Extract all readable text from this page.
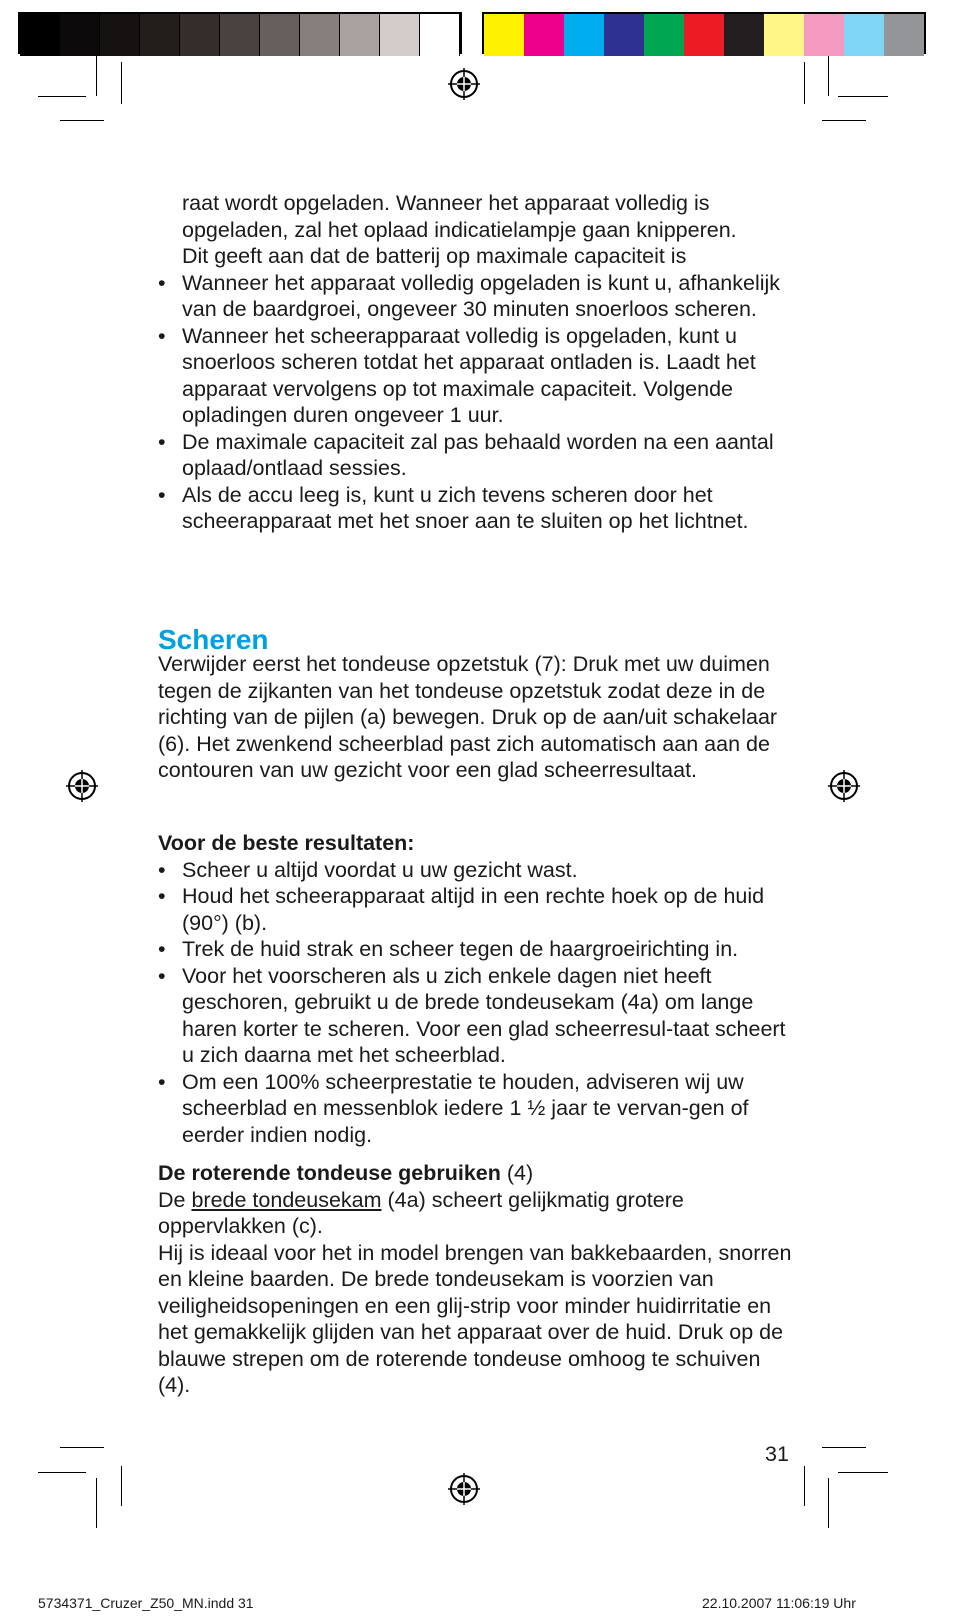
raat wordt opgeladen. Wanneer het apparaat volledig is

opgeladen, zal het oplaad indicatielampje gaan knipperen.

Dit geeft aan dat de batterij op maximale capaciteit is

• Wanneer het apparaat volledig opgeladen is kunt u, afhankelijk van de baardgroei, ongeveer 30 minuten snoerloos scheren.
• Wanneer het scheerapparaat volledig is opgeladen, kunt u snoerloos scheren totdat het apparaat ontladen is. Laadt het apparaat vervolgens op tot maximale capaciteit. Volgende opladingen duren ongeveer 1 uur.
• De maximale capaciteit zal pas behaald worden na een aantal oplaad/ontlaad sessies.
• Als de accu leeg is, kunt u zich tevens scheren door het scheerapparaat met het snoer aan te sluiten op het lichtnet.
Scheren

Verwijder eerst het tondeuse opzetstuk (7): Druk met uw duimen tegen de zijkanten van het tondeuse opzetstuk zodat deze in de richting van de pijlen (a) bewegen. Druk op de aan/uit schakelaar (6). Het zwenkend scheerblad past zich automatisch aan aan de contouren van uw gezicht voor een glad scheerresultaat.

Voor de beste resultaten:

• Scheer u altijd voordat u uw gezicht wast.
• Houd het scheerapparaat altijd in een rechte hoek op de huid (90°) (b).
• Trek de huid strak en scheer tegen de haargroeirichting in.
• Voor het voorscheren als u zich enkele dagen niet heeft geschoren, gebruikt u de brede tondeusekam (4a) om lange haren korter te scheren. Voor een glad scheerresul-taat scheert u zich daarna met het scheerblad.
• Om een 100% scheerprestatie te houden, adviseren wij uw scheerblad en messenblok iedere 1 ½ jaar te vervan-gen of eerder indien nodig.

De roterende tondeuse gebruiken (4)

De brede tondeusekam (4a) scheert gelijkmatig grotere oppervlakken (c).

Hij is ideaal voor het in model brengen van bakkebaarden, snorren en kleine baarden. De brede tondeusekam is voorzien van veiligheidsopeningen en een glij-strip voor minder huidirritatie en het gemakkelijk glijden van het apparaat over de huid. Druk op de blauwe strepen om de roterende tondeuse omhoog te schuiven (4).

31
5734371_Cruzer_Z50_MN.indd 31	22.10.2007 11:06:19 Uhr
